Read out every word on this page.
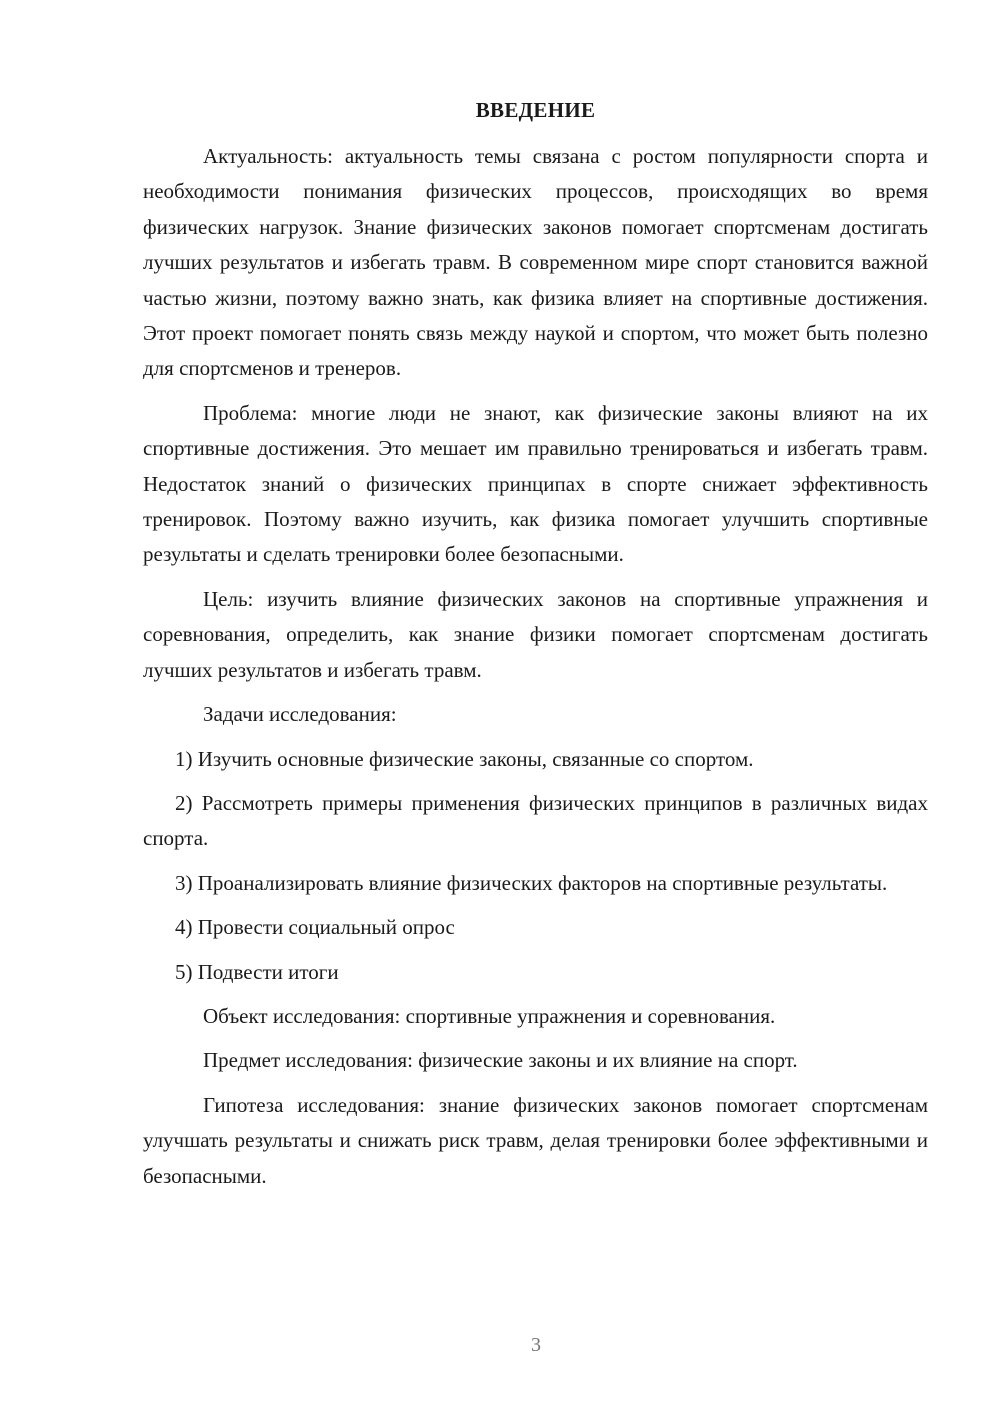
ВВЕДЕНИЕ

Актуальность: актуальность темы связана с ростом популярности спорта и необходимости понимания физических процессов, происходящих во время физических нагрузок. Знание физических законов помогает спортсменам достигать лучших результатов и избегать травм. В современном мире спорт становится важной частью жизни, поэтому важно знать, как физика влияет на спортивные достижения. Этот проект помогает понять связь между наукой и спортом, что может быть полезно для спортсменов и тренеров.

Проблема: многие люди не знают, как физические законы влияют на их спортивные достижения. Это мешает им правильно тренироваться и избегать травм. Недостаток знаний о физических принципах в спорте снижает эффективность тренировок. Поэтому важно изучить, как физика помогает улучшить спортивные результаты и сделать тренировки более безопасными.

Цель: изучить влияние физических законов на спортивные упражнения и соревнования, определить, как знание физики помогает спортсменам достигать лучших результатов и избегать травм.

Задачи исследования:

1) Изучить основные физические законы, связанные со спортом.

2) Рассмотреть примеры применения физических принципов в различных видах спорта.

3) Проанализировать влияние физических факторов на спортивные результаты.

4) Провести социальный опрос

5) Подвести итоги

Объект исследования: спортивные упражнения и соревнования.

Предмет исследования: физические законы и их влияние на спорт.

Гипотеза исследования: знание физических законов помогает спортсменам улучшать результаты и снижать риск травм, делая тренировки более эффективными и безопасными.

3
